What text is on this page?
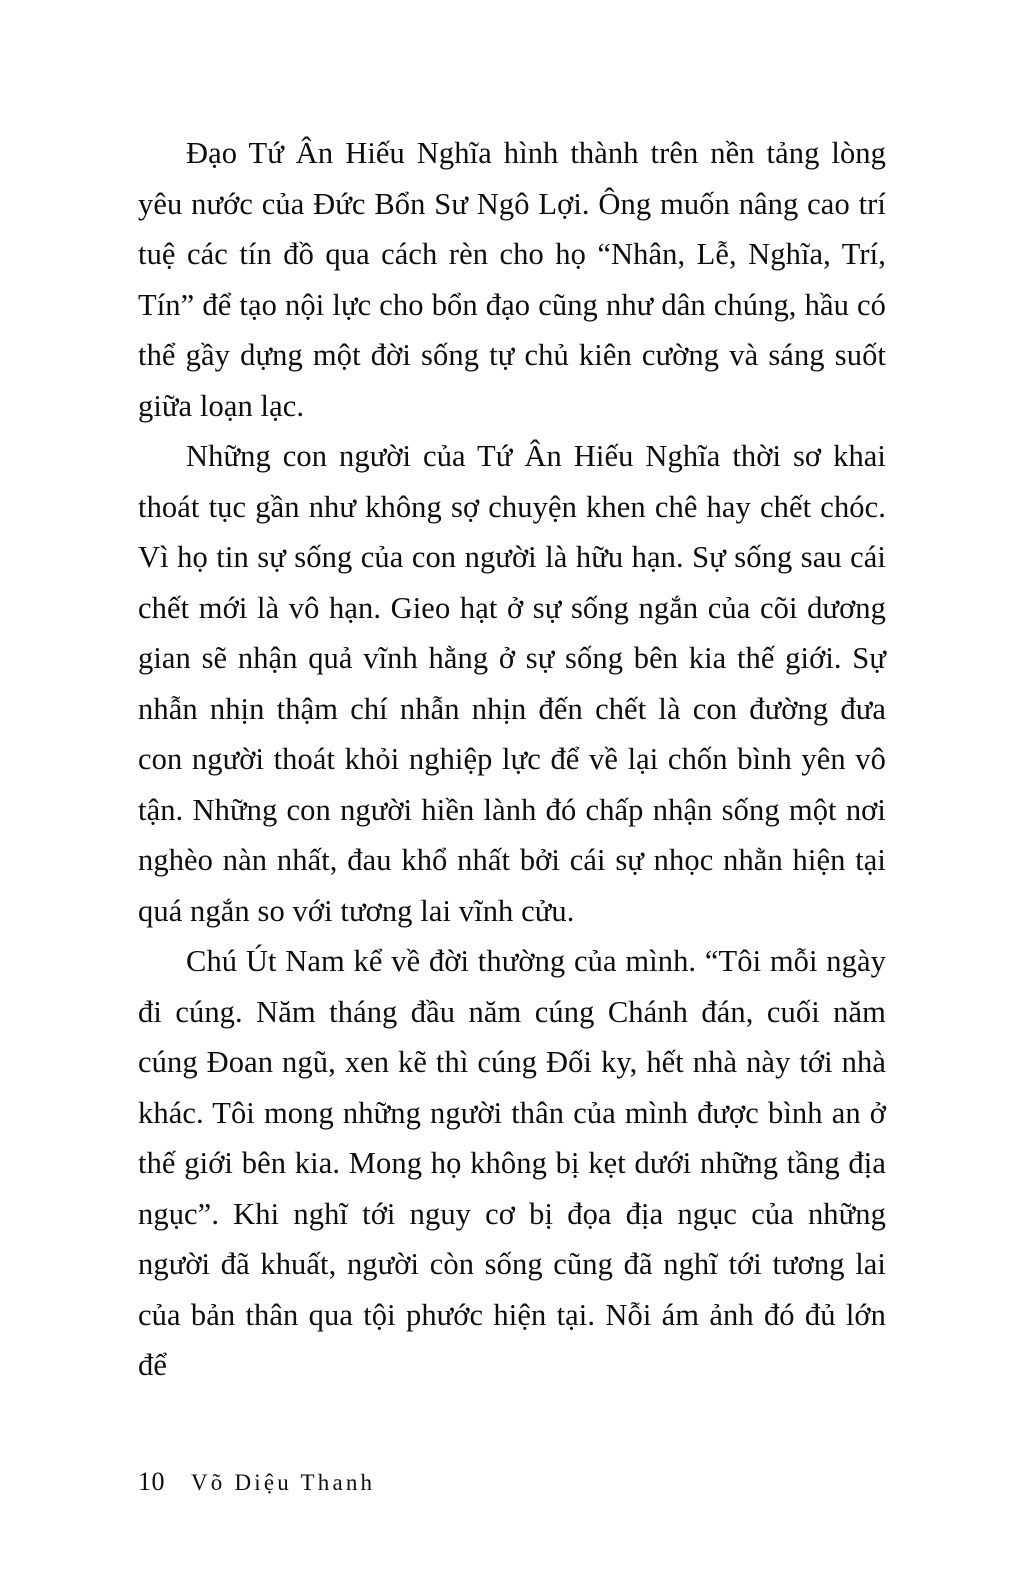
Đạo Tứ Ân Hiếu Nghĩa hình thành trên nền tảng lòng yêu nước của Đức Bổn Sư Ngô Lợi. Ông muốn nâng cao trí tuệ các tín đồ qua cách rèn cho họ “Nhân, Lễ, Nghĩa, Trí, Tín” để tạo nội lực cho bổn đạo cũng như dân chúng, hầu có thể gầy dựng một đời sống tự chủ kiên cường và sáng suốt giữa loạn lạc.

Những con người của Tứ Ân Hiếu Nghĩa thời sơ khai thoát tục gần như không sợ chuyện khen chê hay chết chóc. Vì họ tin sự sống của con người là hữu hạn. Sự sống sau cái chết mới là vô hạn. Gieo hạt ở sự sống ngắn của cõi dương gian sẽ nhận quả vĩnh hằng ở sự sống bên kia thế giới. Sự nhẫn nhịn thậm chí nhẫn nhịn đến chết là con đường đưa con người thoát khỏi nghiệp lực để về lại chốn bình yên vô tận. Những con người hiền lành đó chấp nhận sống một nơi nghèo nàn nhất, đau khổ nhất bởi cái sự nhọc nhằn hiện tại quá ngắn so với tương lai vĩnh cửu.

Chú Út Nam kể về đời thường của mình. “Tôi mỗi ngày đi cúng. Năm tháng đầu năm cúng Chánh đán, cuối năm cúng Đoan ngũ, xen kẽ thì cúng Đối ky, hết nhà này tới nhà khác. Tôi mong những người thân của mình được bình an ở thế giới bên kia. Mong họ không bị kẹt dưới những tầng địa ngục”. Khi nghĩ tới nguy cơ bị đọa địa ngục của những người đã khuất, người còn sống cũng đã nghĩ tới tương lai của bản thân qua tội phước hiện tại. Nỗi ám ảnh đó đủ lớn để

10 Võ Diệu Thanh
